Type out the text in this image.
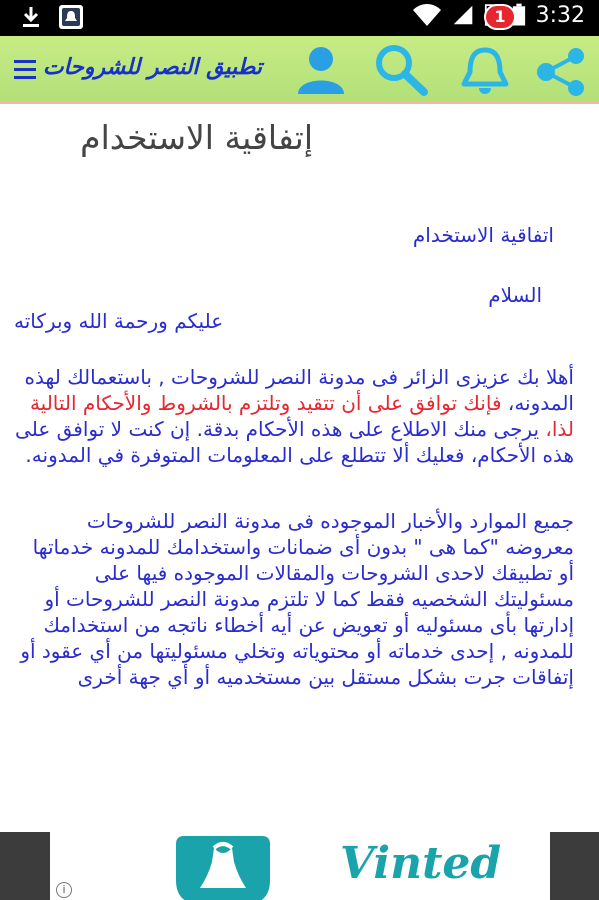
3:32
تطبيق النصر للشروحات
1
إتفاقية الاستخدام

اتفاقية الاستخدام

السلام

عليكم ورحمة الله وبركاته

أهلا بك عزيزى الزائر فى مدونة النصر للشروحات , باستعمالك لهذه المدونه، فإنك توافق على أن تتقيد وتلتزم بالشروط والأحكام التالية لذا، يرجى منك الاطلاع على هذه الأحكام بدقة. إن كنت لا توافق على هذه الأحكام، فعليك ألا تتطلع على المعلومات المتوفرة في المدونه.

جميع الموارد والأخبار الموجوده فى مدونة النصر للشروحات معروضه "كما هى " بدون أى ضمانات واستخدامك للمدونه خدماتها أو تطبيقك لاحدى الشروحات والمقالات الموجوده فيها على مسئوليتك الشخصيه فقط كما لا تلتزم مدونة النصر للشروحات أو إدارتها بأى مسئوليه أو تعويض عن أيه أخطاء ناتجه من استخدامك للمدونه , إحدى خدماته أو محتوياته وتخلي مسئوليتها من أي عقود أو إتفاقات جرت بشكل مستقل بين مستخدميه أو أي جهة أخرى

Vinted
i
